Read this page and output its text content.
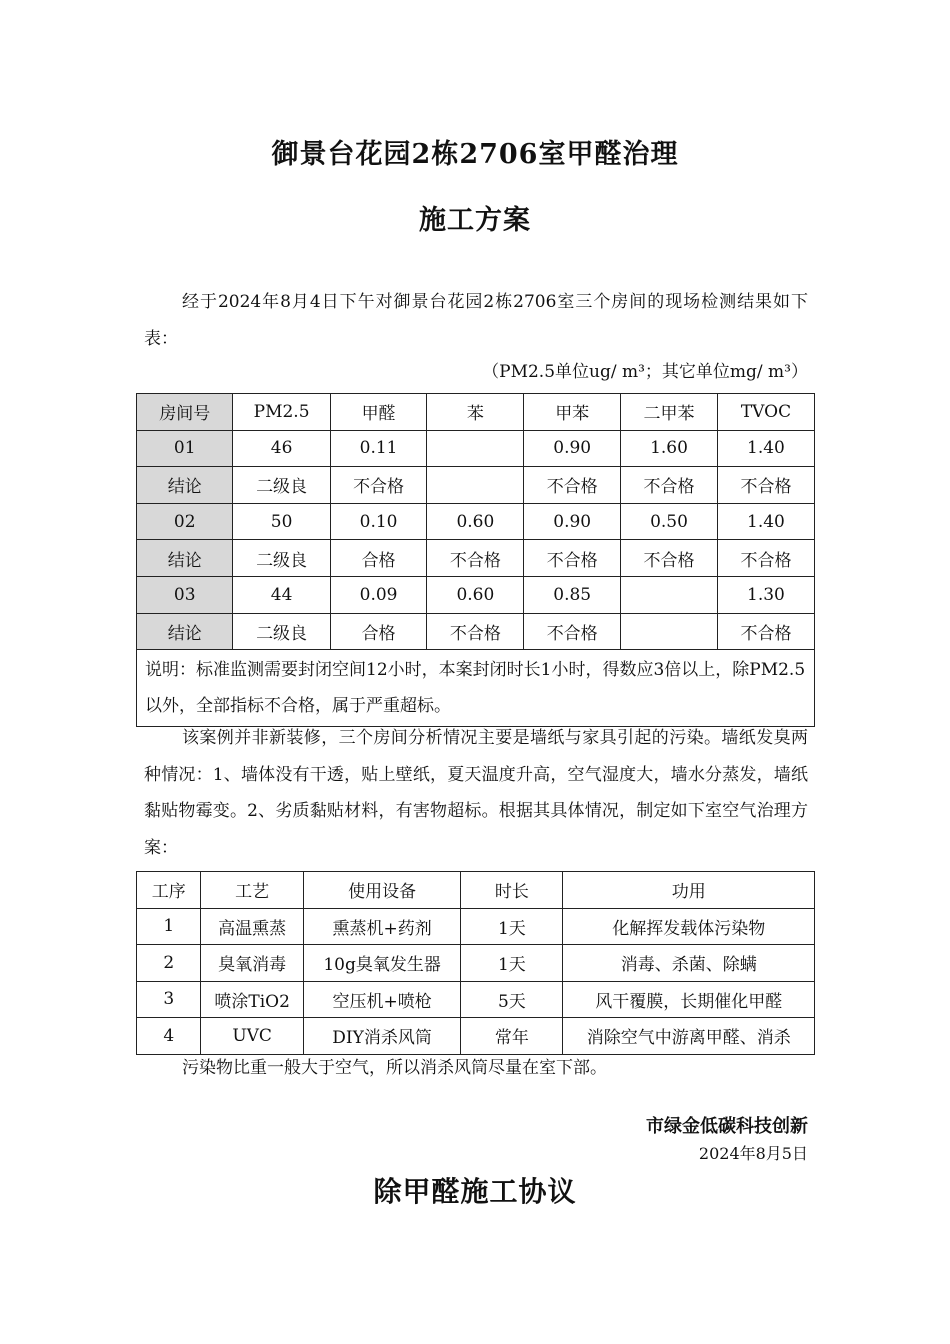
御景台花园2栋2706室甲醛治理
施工方案
经于2024年8月4日下午对御景台花园2栋2706室三个房间的现场检测结果如下表：
（PM2.5单位ug/ m³；其它单位mg/ m³）
房间号	PM2.5	甲醛	苯	甲苯	二甲苯	TVOC
01	46	0.11		0.90	1.60	1.40
结论	二级良	不合格		不合格	不合格	不合格
02	50	0.10	0.60	0.90	0.50	1.40
结论	二级良	合格	不合格	不合格	不合格	不合格
03	44	0.09	0.60	0.85		1.30
结论	二级良	合格	不合格	不合格		不合格
说明：标准监测需要封闭空间12小时，本案封闭时长1小时，得数应3倍以上，除PM2.5以外，全部指标不合格，属于严重超标。						
该案例并非新装修，三个房间分析情况主要是墙纸与家具引起的污染。墙纸发臭两种情况：1、墙体没有干透，贴上壁纸，夏天温度升高，空气湿度大，墙水分蒸发，墙纸黏贴物霉变。2、劣质黏贴材料，有害物超标。根据其具体情况，制定如下室空气治理方案：
工序	工艺	使用设备	时长	功用
1	高温熏蒸	熏蒸机+药剂	1天	化解挥发载体污染物
2	臭氧消毒	10g臭氧发生器	1天	消毒、杀菌、除螨
3	喷涂TiO2	空压机+喷枪	5天	风干覆膜，长期催化甲醛
4	UVC	DIY消杀风筒	常年	消除空气中游离甲醛、消杀
污染物比重一般大于空气，所以消杀风筒尽量在室下部。
市绿金低碳科技创新
2024年8月5日
除甲醛施工协议
